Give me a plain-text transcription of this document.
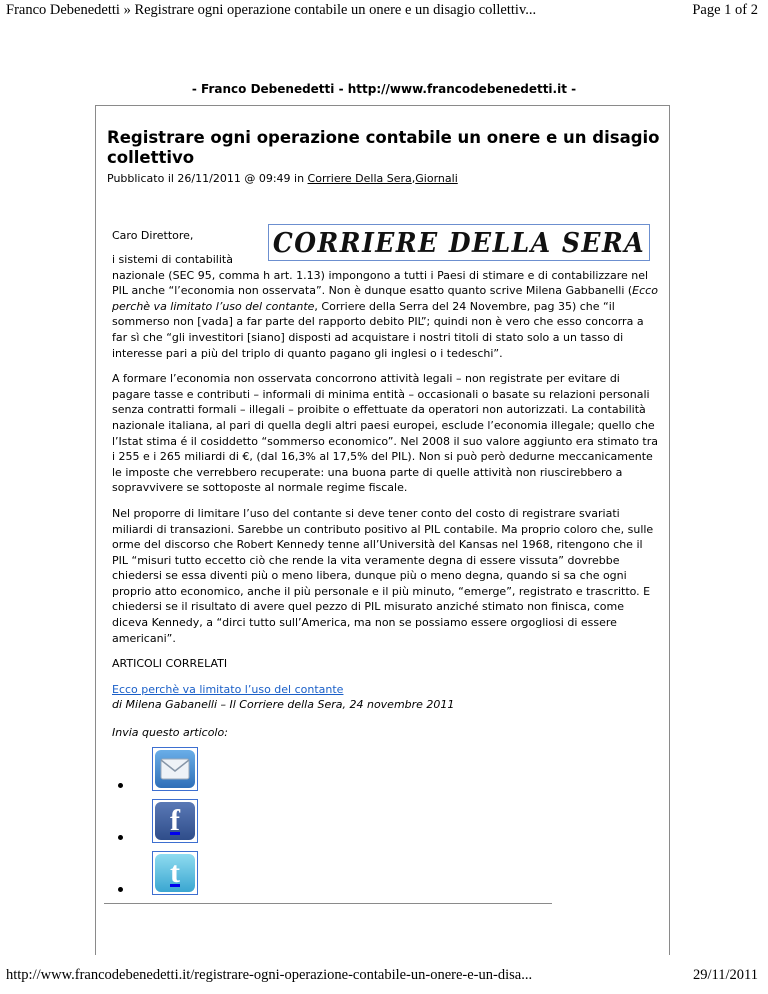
Franco Debenedetti » Registrare ogni operazione contabile un onere e un disagio collettiv...	Page 1 of 2
- Franco Debenedetti - http://www.francodebenedetti.it -
Registrare ogni operazione contabile un onere e un disagio collettivo
Pubblicato il 26/11/2011 @ 09:49 in Corriere Della Sera,Giornali
Caro Direttore,	CORRIERE DELLA SERA

i sistemi di contabilità
nazionale (SEC 95, comma h art. 1.13) impongono a tutti i Paesi di stimare e di contabilizzare nel PIL anche “l’economia non osservata”. Non è dunque esatto quanto scrive Milena Gabbanelli (Ecco perchè va limitato l’uso del contante, Corriere della Serra del 24 Novembre, pag 35) che “il sommerso non [vada] a far parte del rapporto debito PIL”; quindi non è vero che esso concorra a far sì che “gli investitori [siano] disposti ad acquistare i nostri titoli di stato solo a un tasso di interesse pari a più del triplo di quanto pagano gli inglesi o i tedeschi”.

A formare l’economia non osservata concorrono attività legali – non registrate per evitare di pagare tasse e contributi – informali di minima entità – occasionali o basate su relazioni personali senza contratti formali – illegali – proibite o effettuate da operatori non autorizzati. La contabilità nazionale italiana, al pari di quella degli altri paesi europei, esclude l’economia illegale; quello che l’Istat stima é il cosiddetto “sommerso economico”. Nel 2008 il suo valore aggiunto era stimato tra i 255 e i 265 miliardi di €, (dal 16,3% al 17,5% del PIL). Non si può però dedurne meccanicamente le imposte che verrebbero recuperate: una buona parte di quelle attività non riuscirebbero a sopravvivere se sottoposte al normale regime fiscale.

Nel proporre di limitare l’uso del contante si deve tener conto del costo di registrare svariati miliardi di transazioni. Sarebbe un contributo positivo al PIL contabile. Ma proprio coloro che, sulle orme del discorso che Robert Kennedy tenne all’Università del Kansas nel 1968, ritengono che il PIL “misuri tutto eccetto ciò che rende la vita veramente degna di essere vissuta” dovrebbe chiedersi se essa diventi più o meno libera, dunque più o meno degna, quando si sa che ogni proprio atto economico, anche il più personale e il più minuto, “emerge”, registrato e trascritto. E chiedersi se il risultato di avere quel pezzo di PIL misurato anziché stimato non finisca, come diceva Kennedy, a “dirci tutto sull’America, ma non se possiamo essere orgogliosi di essere americani”.

ARTICOLI CORRELATI

Ecco perchè va limitato l’uso del contante
di Milena Gabanelli – Il Corriere della Sera, 24 novembre 2011

Invia questo articolo:

f
t
http://www.francodebenedetti.it/registrare-ogni-operazione-contabile-un-onere-e-un-disa...	29/11/2011
